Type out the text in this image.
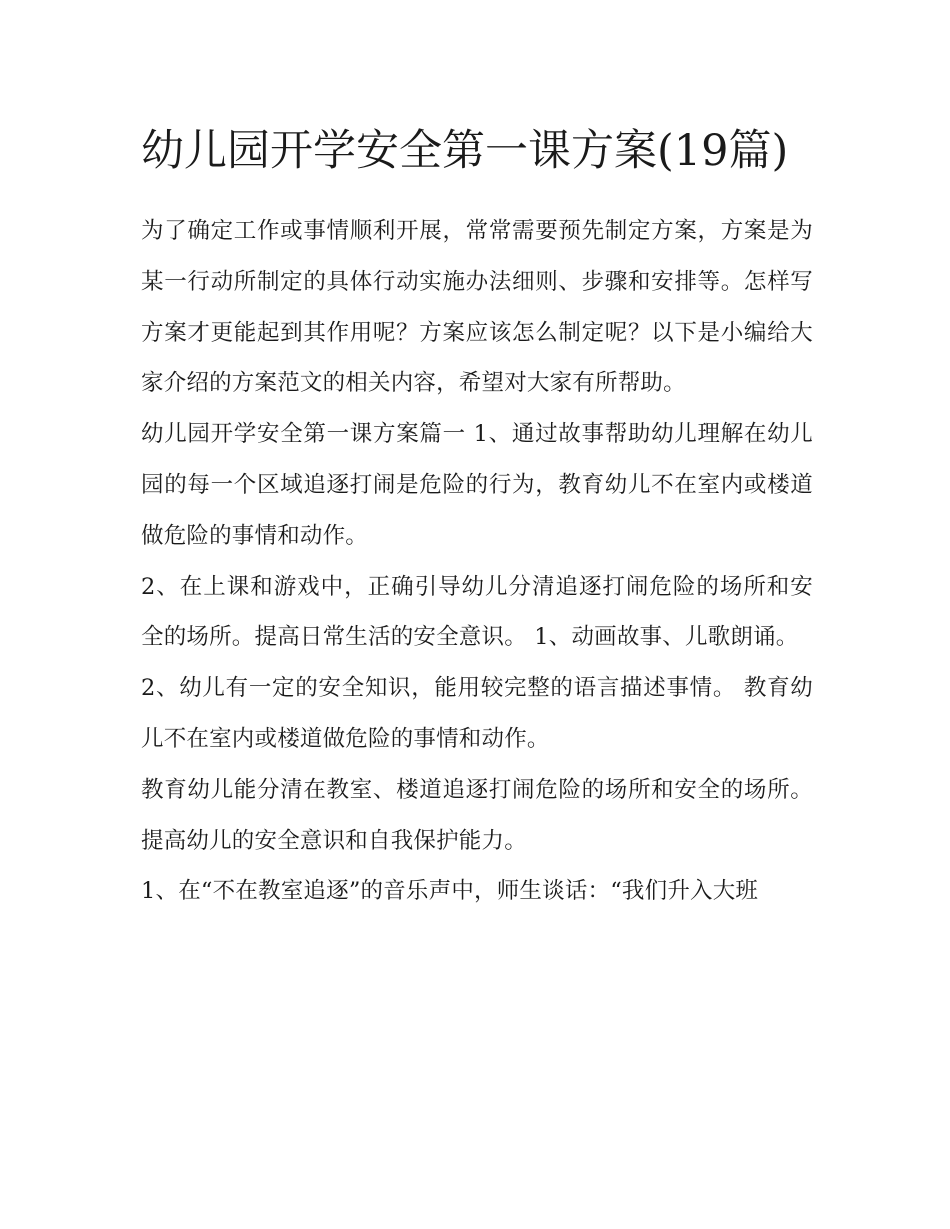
幼儿园开学安全第一课方案(19篇)

为了确定工作或事情顺利开展，常常需要预先制定方案，方案是为某一行动所制定的具体行动实施办法细则、步骤和安排等。怎样写方案才更能起到其作用呢？方案应该怎么制定呢？以下是小编给大家介绍的方案范文的相关内容，希望对大家有所帮助。

幼儿园开学安全第一课方案篇一 1、通过故事帮助幼儿理解在幼儿园的每一个区域追逐打闹是危险的行为，教育幼儿不在室内或楼道做危险的事情和动作。

2、在上课和游戏中，正确引导幼儿分清追逐打闹危险的场所和安全的场所。提高日常生活的安全意识。 1、动画故事、儿歌朗诵。

2、幼儿有一定的安全知识，能用较完整的语言描述事情。 教育幼儿不在室内或楼道做危险的事情和动作。

教育幼儿能分清在教室、楼道追逐打闹危险的场所和安全的场所。提高幼儿的安全意识和自我保护能力。

1、在“不在教室追逐”的音乐声中，师生谈话：“我们升入大班
